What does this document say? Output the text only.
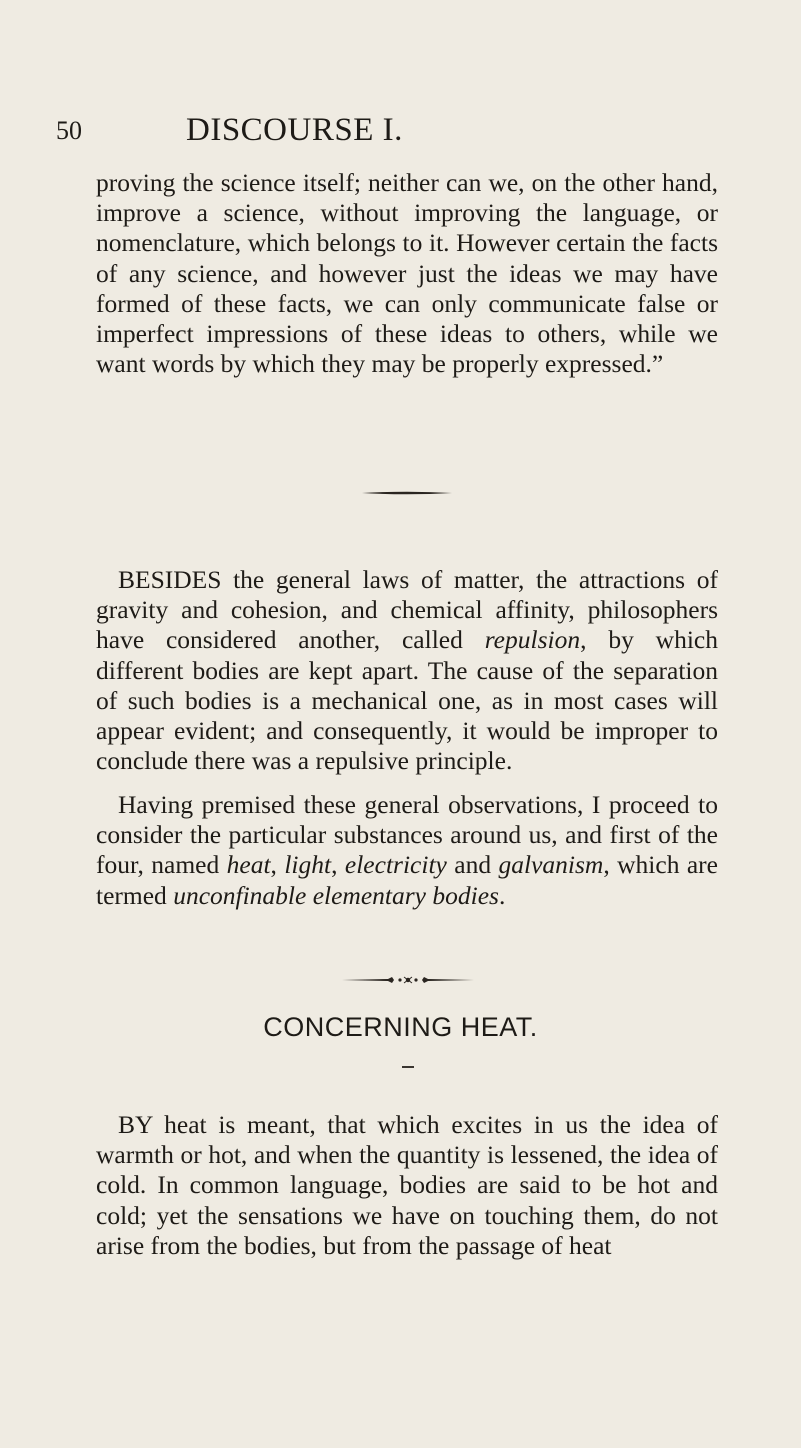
50	DISCOURSE I.

proving the science itself; neither can we, on the other hand, improve a science, without improving the language, or nomenclature, which belongs to it. However certain the facts of any science, and however just the ideas we may have formed of these facts, we can only communicate false or imperfect impressions of these ideas to others, while we want words by which they may be properly expressed.”

BESIDES the general laws of matter, the attractions of gravity and cohesion, and chemical affinity, philosophers have considered another, called repulsion, by which different bodies are kept apart. The cause of the separation of such bodies is a mechanical one, as in most cases will appear evident; and consequently, it would be improper to conclude there was a repulsive principle.

Having premised these general observations, I proceed to consider the particular substances around us, and first of the four, named heat, light, electricity and galvanism, which are termed unconfinable elementary bodies.

CONCERNING HEAT.

BY heat is meant, that which excites in us the idea of warmth or hot, and when the quantity is lessened, the idea of cold. In common language, bodies are said to be hot and cold; yet the sensations we have on touching them, do not arise from the bodies, but from the passage of heat
